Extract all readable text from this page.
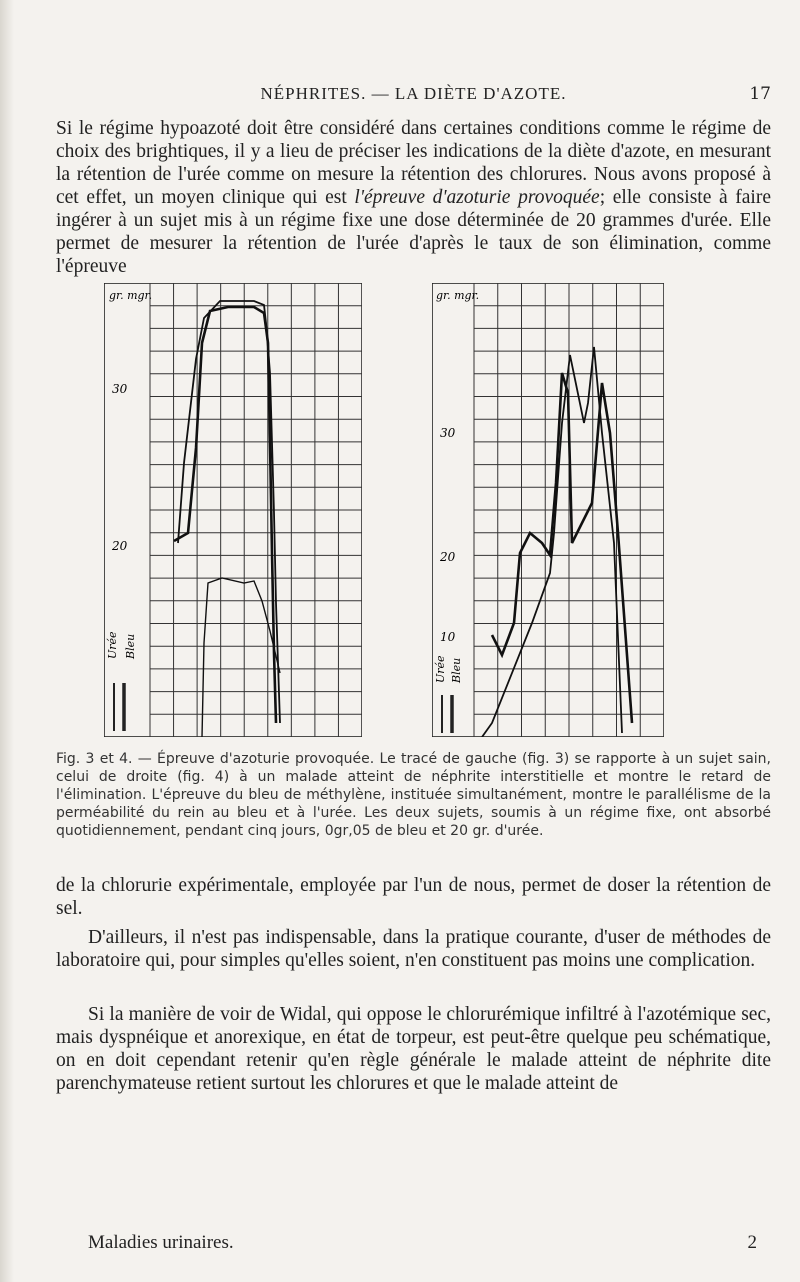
NÉPHRITES. — LA DIÈTE D'AZOTE.	17
Si le régime hypoazoté doit être considéré dans certaines conditions comme le régime de choix des brightiques, il y a lieu de préciser les indications de la diète d'azote, en mesurant la rétention de l'urée comme on mesure la rétention des chlorures. Nous avons proposé à cet effet, un moyen clinique qui est l'épreuve d'azoturie provoquée; elle consiste à faire ingérer à un sujet mis à un régime fixe une dose déterminée de 20 grammes d'urée. Elle permet de mesurer la rétention de l'urée d'après le taux de son élimination, comme l'épreuve
gr. mgr.
30
20
Urée Bleu
gr. mgr.
30
20
10
Urée Bleu
Fig. 3 et 4. — Épreuve d'azoturie provoquée. Le tracé de gauche (fig. 3) se rapporte à un sujet sain, celui de droite (fig. 4) à un malade atteint de néphrite interstitielle et montre le retard de l'élimination. L'épreuve du bleu de méthylène, instituée simultanément, montre le parallélisme de la perméabilité du rein au bleu et à l'urée. Les deux sujets, soumis à un régime fixe, ont absorbé quotidiennement, pendant cinq jours, 0gr,05 de bleu et 20 gr. d'urée.
de la chlorurie expérimentale, employée par l'un de nous, permet de doser la rétention de sel.
D'ailleurs, il n'est pas indispensable, dans la pratique courante, d'user de méthodes de laboratoire qui, pour simples qu'elles soient, n'en constituent pas moins une complication.
Si la manière de voir de Widal, qui oppose le chlorurémique infiltré à l'azotémique sec, mais dyspnéique et anorexique, en état de torpeur, est peut-être quelque peu schématique, on en doit cependant retenir qu'en règle générale le malade atteint de néphrite dite parenchymateuse retient surtout les chlorures et que le malade atteint de
Maladies urinaires.	2
